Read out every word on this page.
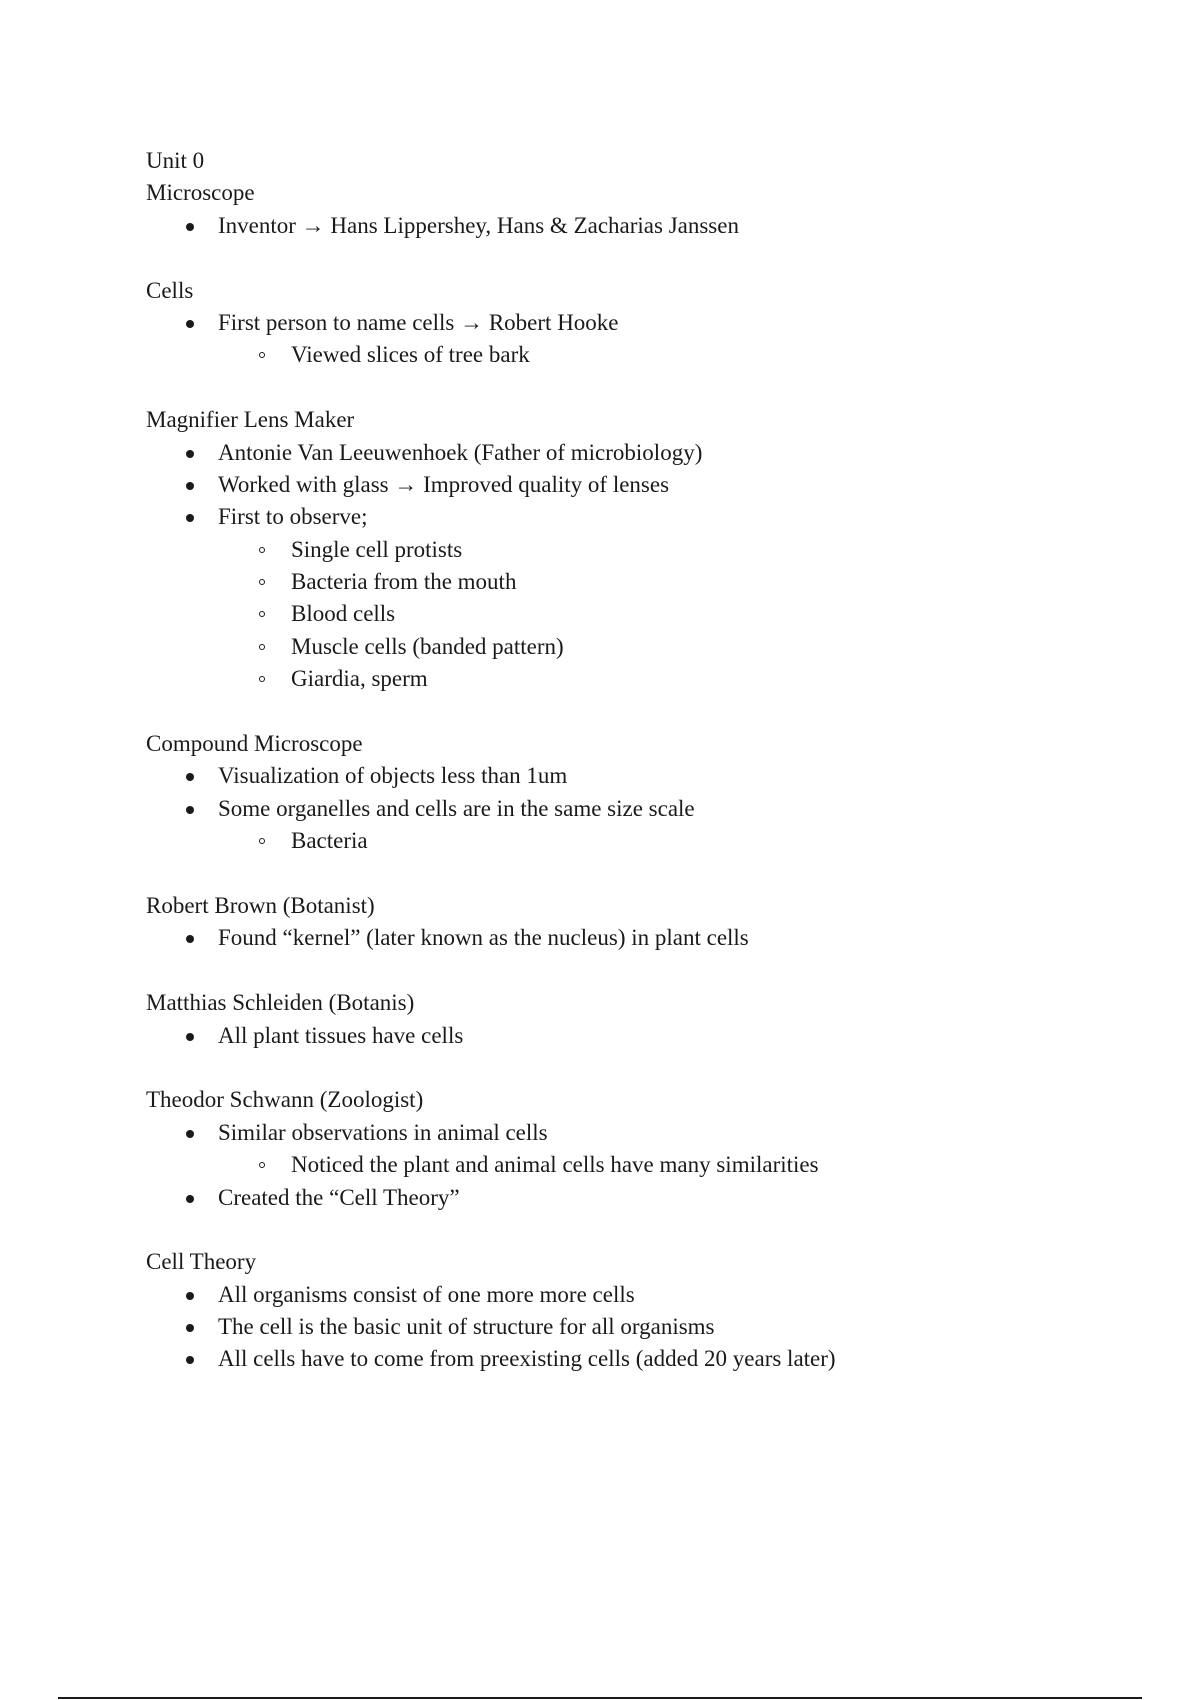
Unit 0
Microscope
Inventor → Hans Lippershey, Hans & Zacharias Janssen
Cells
First person to name cells → Robert Hooke
Viewed slices of tree bark
Magnifier Lens Maker
Antonie Van Leeuwenhoek (Father of microbiology)
Worked with glass → Improved quality of lenses
First to observe;
Single cell protists
Bacteria from the mouth
Blood cells
Muscle cells (banded pattern)
Giardia, sperm
Compound Microscope
Visualization of objects less than 1um
Some organelles and cells are in the same size scale
Bacteria
Robert Brown (Botanist)
Found “kernel” (later known as the nucleus) in plant cells
Matthias Schleiden (Botanis)
All plant tissues have cells
Theodor Schwann (Zoologist)
Similar observations in animal cells
Noticed the plant and animal cells have many similarities
Created the “Cell Theory”
Cell Theory
All organisms consist of one more more cells
The cell is the basic unit of structure for all organisms
All cells have to come from preexisting cells (added 20 years later)
